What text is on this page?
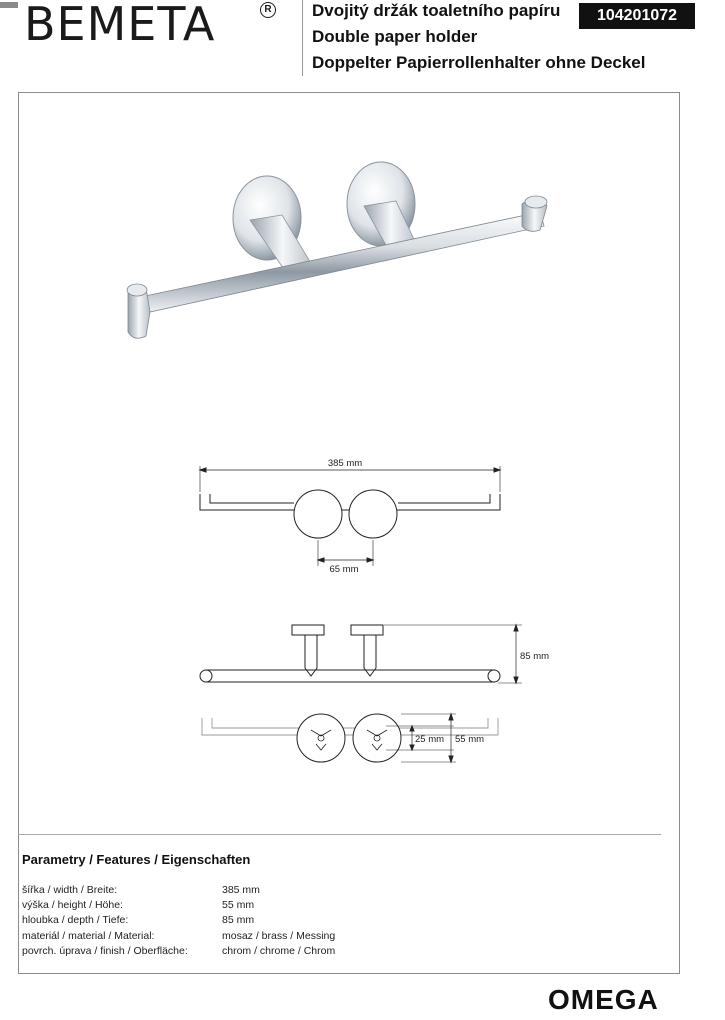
BEMETA	R Dvojitý držák toaletního papíru
Double paper holder
Doppelter Papierrollenhalter ohne Deckel
104201072
385 mm
65 mm
85 mm
25 mm 55 mm
Parametry / Features / Eigenschaften
šířka / width / Breite:	385 mm
výška / height / Höhe:	55 mm
hloubka / depth / Tiefe:	85 mm
materiál / material / Material:	mosaz / brass / Messing
povrch. úprava / finish / Oberfläche:	chrom / chrome / Chrom
OMEGA
